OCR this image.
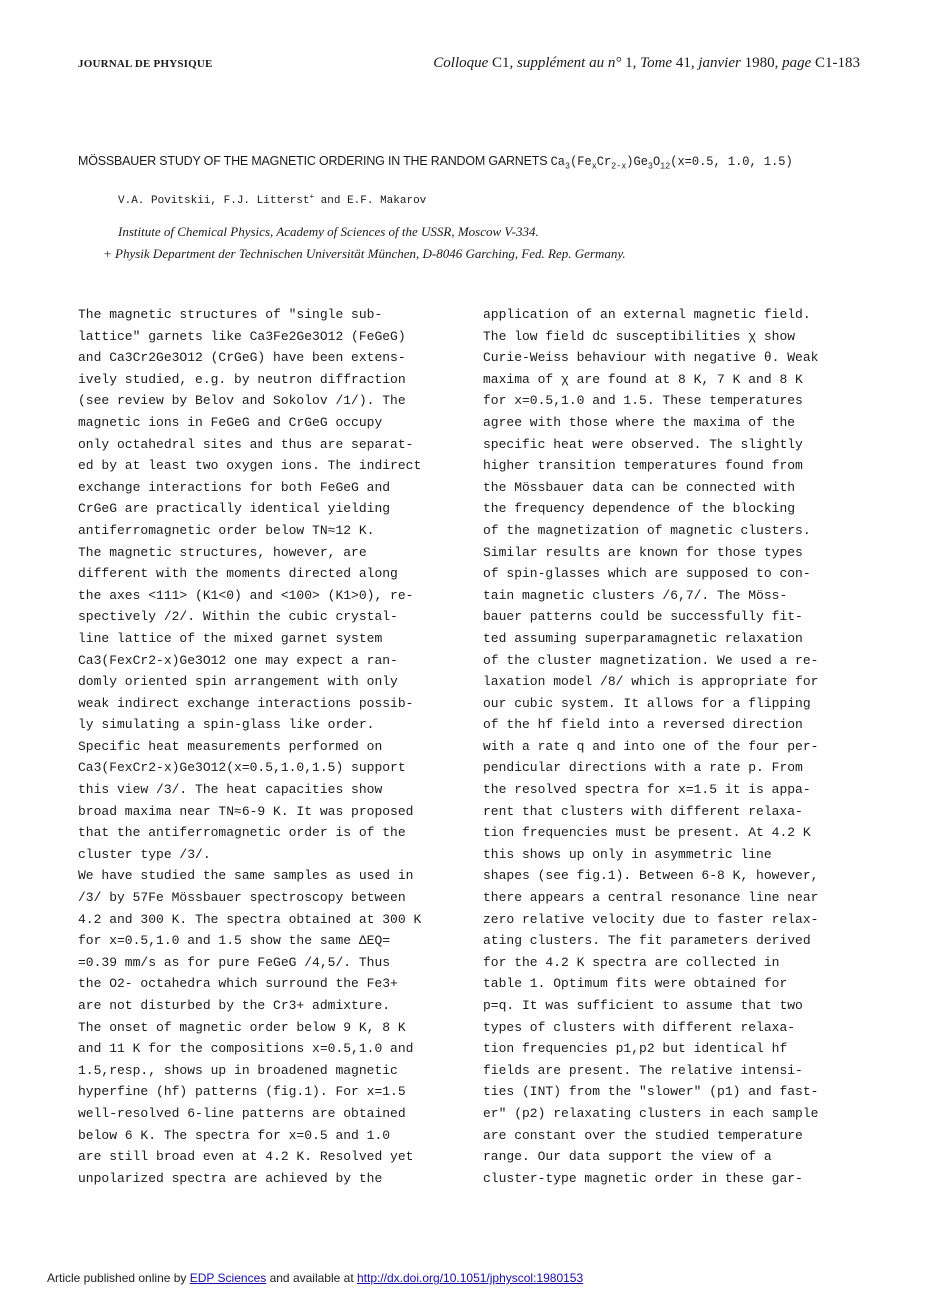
JOURNAL DE PHYSIQUE	Colloque C1, supplément au n° 1, Tome 41, janvier 1980, page C1-183
MÖSSBAUER STUDY OF THE MAGNETIC ORDERING IN THE RANDOM GARNETS $Ca_3(Fe_xCr_{2-x})Ge_3O_{12}(x=0.5$, 1.0, 1.5)
V.A. Povitskii, F.J. Litterst+ and E.F. Makarov
Institute of Chemical Physics, Academy of Sciences of the USSR, Moscow V-334.
+ Physik Department der Technischen Universität München, D-8046 Garching, Fed. Rep. Germany.
The magnetic structures of "single sub-
lattice" garnets like Ca3Fe2Ge3O12 (FeGeG)
and Ca3Cr2Ge3O12 (CrGeG) have been extens-
ively studied, e.g. by neutron diffraction
(see review by Belov and Sokolov /1/). The
magnetic ions in FeGeG and CrGeG occupy
only octahedral sites and thus are separat-
ed by at least two oxygen ions. The indirect
exchange interactions for both FeGeG and
CrGeG are practically identical yielding
antiferromagnetic order below TN≈12 K.
The magnetic structures, however, are
different with the moments directed along
the axes <111> (K1<0) and <100> (K1>0), re-
spectively /2/. Within the cubic crystal-
line lattice of the mixed garnet system
Ca3(FexCr2-x)Ge3O12 one may expect a ran-
domly oriented spin arrangement with only
weak indirect exchange interactions possib-
ly simulating a spin-glass like order.
Specific heat measurements performed on
Ca3(FexCr2-x)Ge3O12(x=0.5,1.0,1.5) support
this view /3/. The heat capacities show
broad maxima near TN≈6-9 K. It was proposed
that the antiferromagnetic order is of the
cluster type /3/.
We have studied the same samples as used in
/3/ by 57Fe Mössbauer spectroscopy between
4.2 and 300 K. The spectra obtained at 300 K
for x=0.5,1.0 and 1.5 show the same ΔEQ=
=0.39 mm/s as for pure FeGeG /4,5/. Thus
the O2- octahedra which surround the Fe3+
are not disturbed by the Cr3+ admixture.
The onset of magnetic order below 9 K, 8 K
and 11 K for the compositions x=0.5,1.0 and
1.5,resp., shows up in broadened magnetic
hyperfine (hf) patterns (fig.1). For x=1.5
well-resolved 6-line patterns are obtained
below 6 K. The spectra for x=0.5 and 1.0
are still broad even at 4.2 K. Resolved yet
unpolarized spectra are achieved by the
application of an external magnetic field.
The low field dc susceptibilities χ show
Curie-Weiss behaviour with negative θ. Weak
maxima of χ are found at 8 K, 7 K and 8 K
for x=0.5,1.0 and 1.5. These temperatures
agree with those where the maxima of the
specific heat were observed. The slightly
higher transition temperatures found from
the Mössbauer data can be connected with
the frequency dependence of the blocking
of the magnetization of magnetic clusters.
Similar results are known for those types
of spin-glasses which are supposed to con-
tain magnetic clusters /6,7/. The Möss-
bauer patterns could be successfully fit-
ted assuming superparamagnetic relaxation
of the cluster magnetization. We used a re-
laxation model /8/ which is appropriate for
our cubic system. It allows for a flipping
of the hf field into a reversed direction
with a rate q and into one of the four per-
pendicular directions with a rate p. From
the resolved spectra for x=1.5 it is appa-
rent that clusters with different relaxa-
tion frequencies must be present. At 4.2 K
this shows up only in asymmetric line
shapes (see fig.1). Between 6-8 K, however,
there appears a central resonance line near
zero relative velocity due to faster relax-
ating clusters. The fit parameters derived
for the 4.2 K spectra are collected in
table 1. Optimum fits were obtained for
p=q. It was sufficient to assume that two
types of clusters with different relaxa-
tion frequencies p1,p2 but identical hf
fields are present. The relative intensi-
ties (INT) from the "slower" (p1) and fast-
er" (p2) relaxating clusters in each sample
are constant over the studied temperature
range. Our data support the view of a
cluster-type magnetic order in these gar-
Article published online by EDP Sciences and available at http://dx.doi.org/10.1051/jphyscol:1980153
